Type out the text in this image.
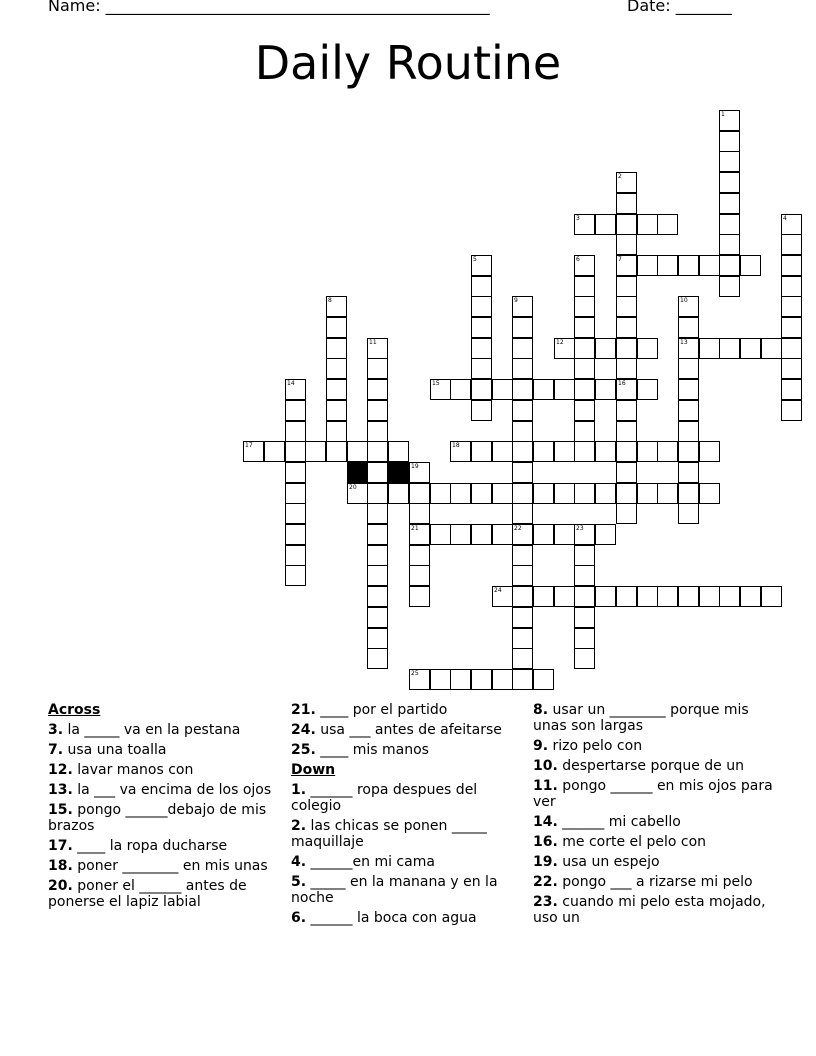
Name: ________________________________________________	Date: _______
Daily Routine
3
7
12	13
15	16
17	18
20
21	22	23
24
25
1
2
4
5	6
8	9	10
11
14
19
Across
3. la _____ va en la pestana
7. usa una toalla
12. lavar manos con
13. la ___ va encima de los ojos
15. pongo ______debajo de mis brazos
17. ____ la ropa ducharse
18. poner ________ en mis unas
20. poner el ______ antes de ponerse el lapiz labial
21. ____ por el partido
24. usa ___ antes de afeitarse
25. ____ mis manos
Down
1. ______ ropa despues del colegio
2. las chicas se ponen _____ maquillaje
4. ______en mi cama
5. _____ en la manana y en la noche
6. ______ la boca con agua
8. usar un ________ porque mis unas son largas
9. rizo pelo con
10. despertarse porque de un
11. pongo ______ en mis ojos para ver
14. ______ mi cabello
16. me corte el pelo con
19. usa un espejo
22. pongo ___ a rizarse mi pelo
23. cuando mi pelo esta mojado, uso un
